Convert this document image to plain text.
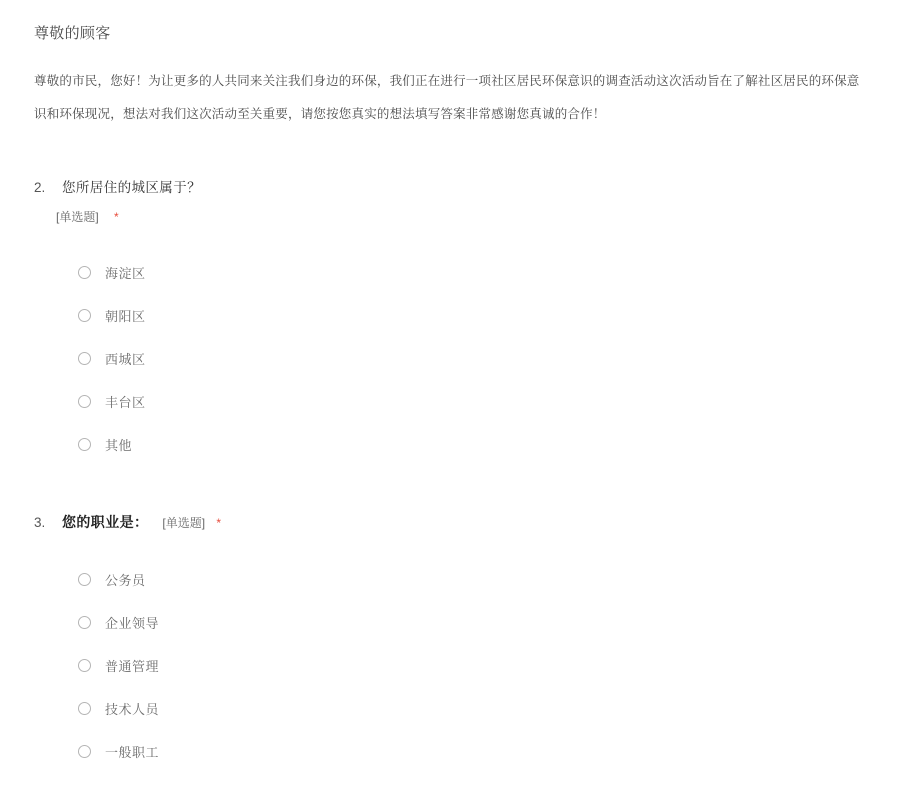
尊敬的顾客
尊敬的市民，您好！为让更多的人共同来关注我们身边的环保，我们正在进行一项社区居民环保意识的调查活动这次活动旨在了解社区居民的环保意识和环保现况，想法对我们这次活动至关重要，请您按您真实的想法填写答案非常感谢您真诚的合作！
2.	您所居住的城区属于？
[单选题] *
海淀区
朝阳区
西城区
丰台区
其他
3.	您的职业是： [单选题] *
公务员
企业领导
普通管理
技术人员
一般职工
